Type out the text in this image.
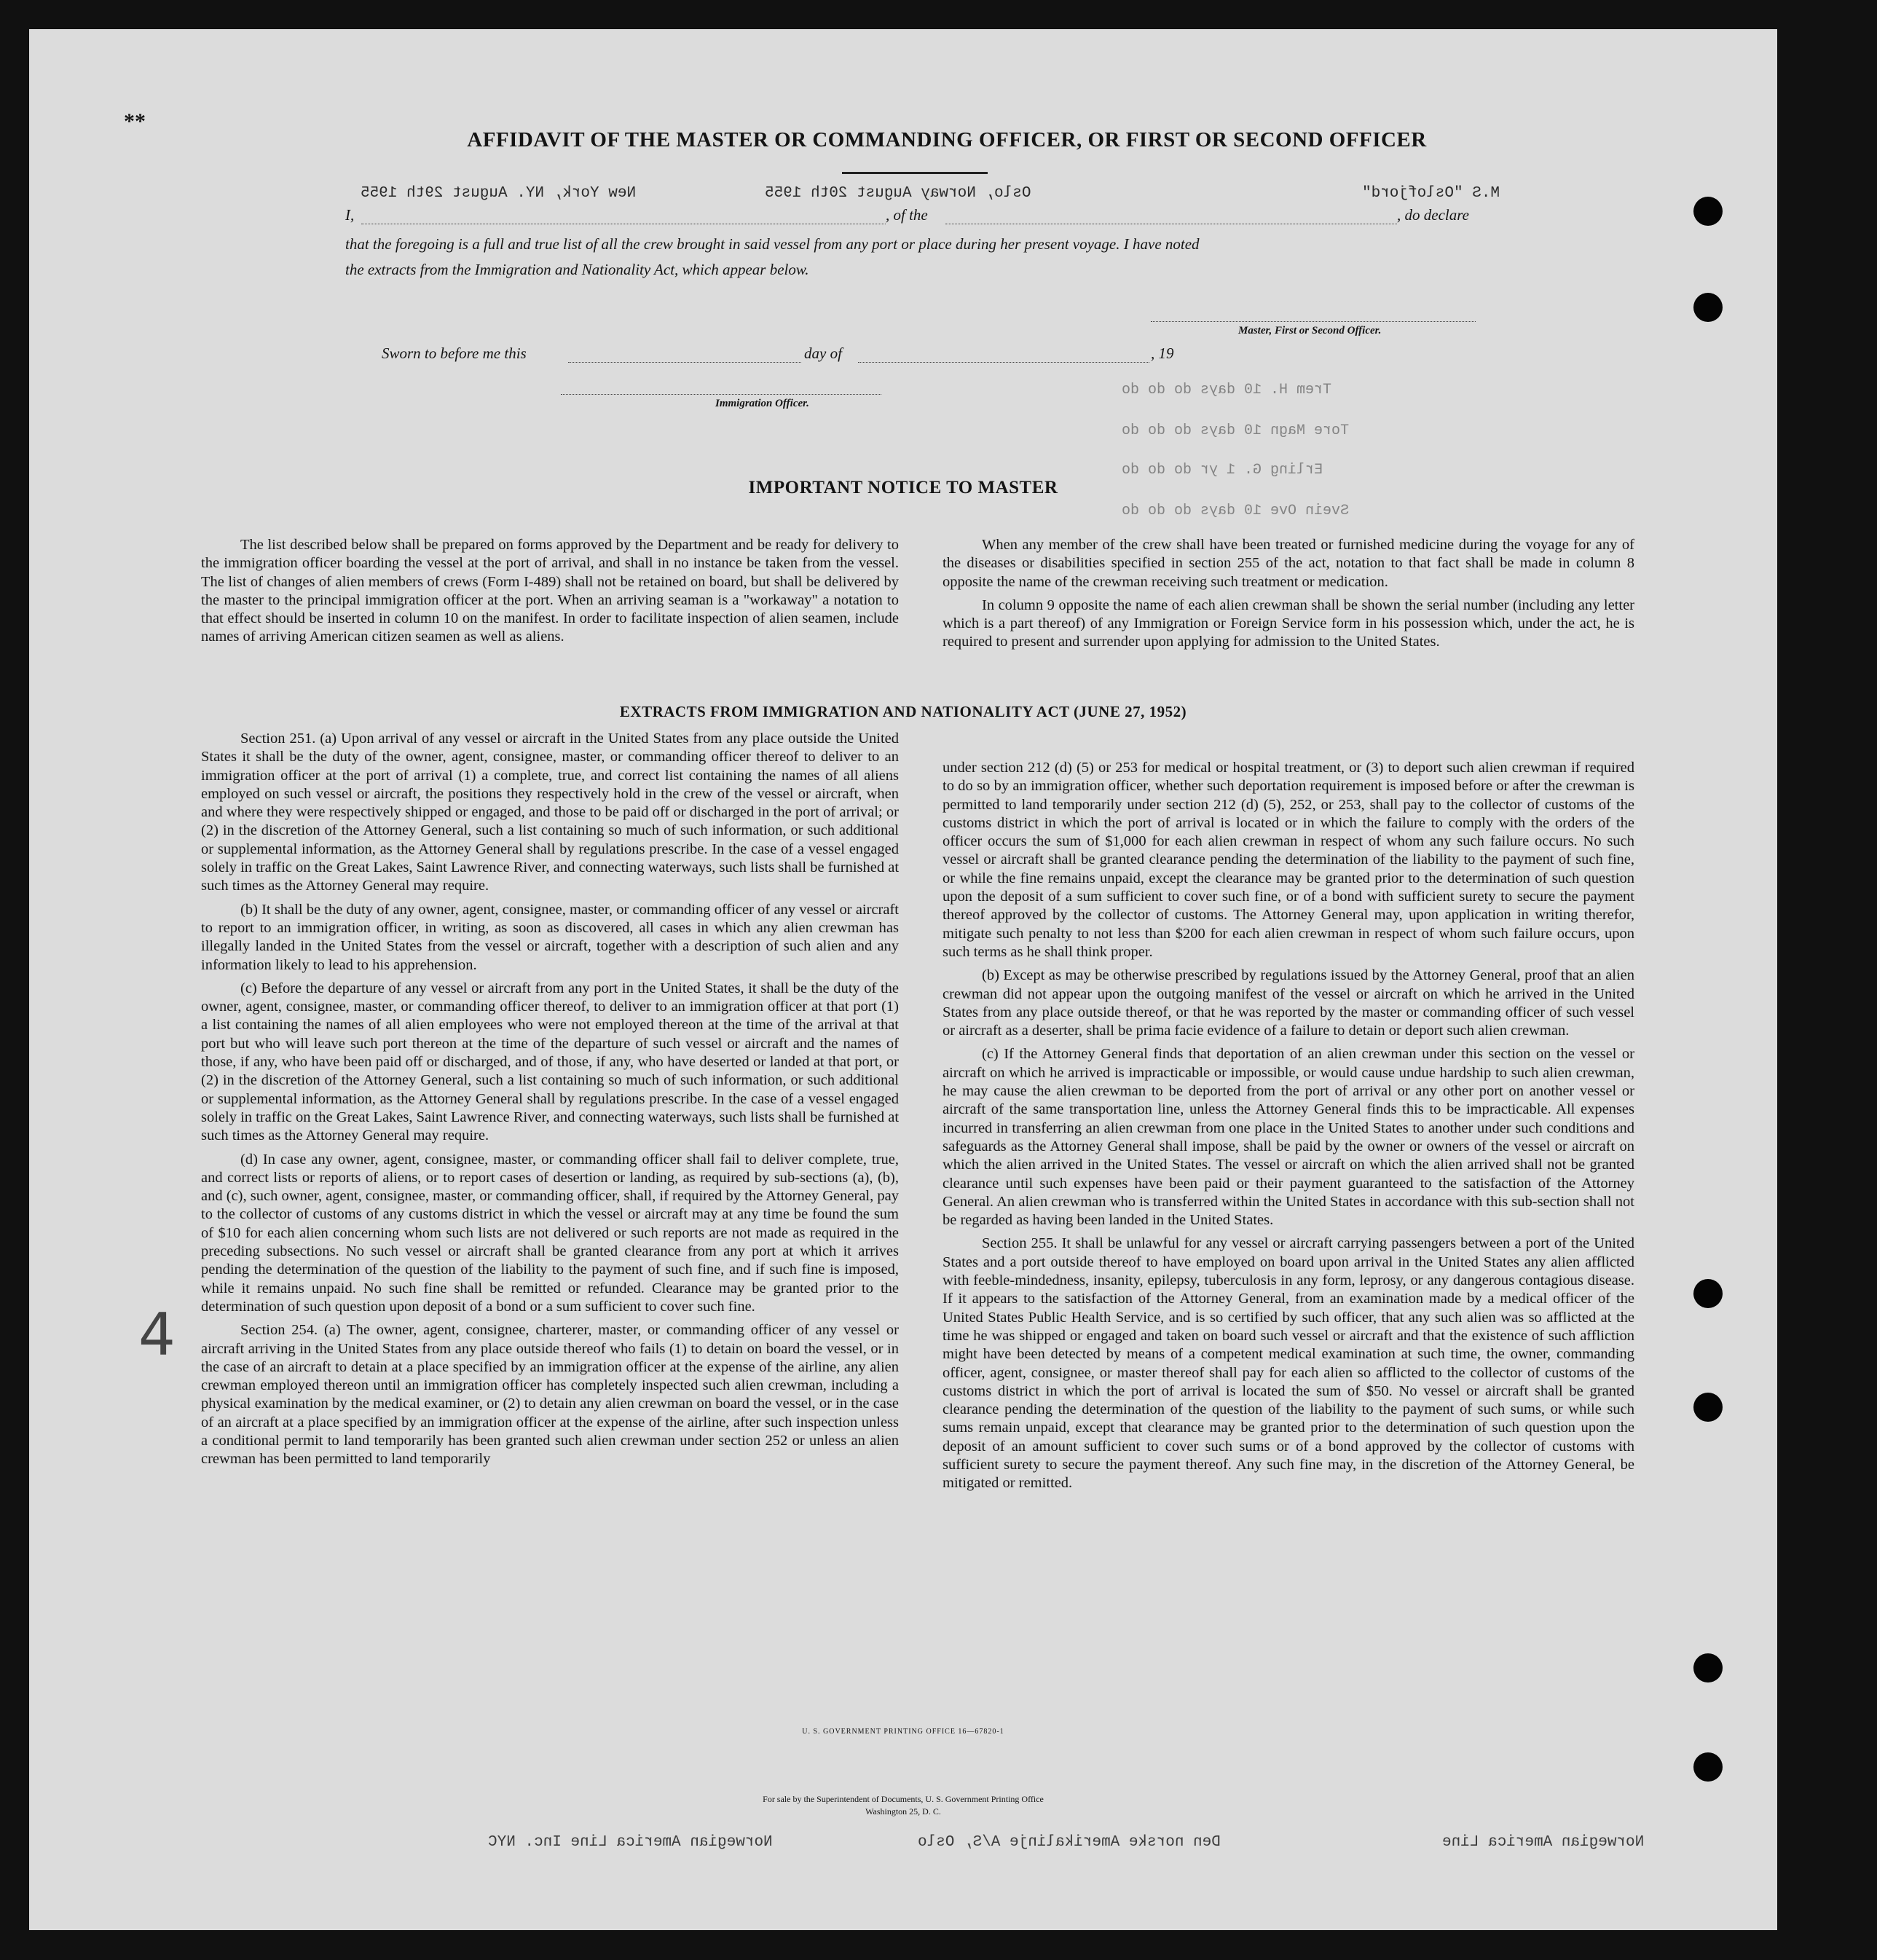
**
AFFIDAVIT OF THE MASTER OR COMMANDING OFFICER, OR FIRST OR SECOND OFFICER
M.S "Oslofjord"
Oslo, Norway August 20th 1955
New York, NY. August 29th 1955
I,	, of the	, do declare
that the foregoing is a full and true list of all the crew brought in said vessel from any port or place during her present voyage. I have noted
the extracts from the Immigration and Nationality Act, which appear below.
Master, First or Second Officer.
Sworn to before me this	day of	, 19
Immigration Officer.
Trem H. 10 days do do do
Tore Magn 10 days do do do
Erling G. 1 yr do do do
Svein Ove 10 days do do do
IMPORTANT NOTICE TO MASTER

The list described below shall be prepared on forms approved by the Department and be ready for delivery to the immigration officer boarding the vessel at the port of arrival, and shall in no instance be taken from the vessel. The list of changes of alien members of crews (Form I-489) shall not be retained on board, but shall be delivered by the master to the principal immigration officer at the port. When an arriving seaman is a "workaway" a notation to that effect should be inserted in column 10 on the manifest. In order to facilitate inspection of alien seamen, include names of arriving American citizen seamen as well as aliens.

When any member of the crew shall have been treated or furnished medicine during the voyage for any of the diseases or disabilities specified in section 255 of the act, notation to that fact shall be made in column 8 opposite the name of the crewman receiving such treatment or medication.

In column 9 opposite the name of each alien crewman shall be shown the serial number (including any letter which is a part thereof) of any Immigration or Foreign Service form in his possession which, under the act, he is required to present and surrender upon applying for admission to the United States.

EXTRACTS FROM IMMIGRATION AND NATIONALITY ACT (JUNE 27, 1952)

Section 251. (a) Upon arrival of any vessel or aircraft in the United States from any place outside the United States it shall be the duty of the owner, agent, consignee, master, or commanding officer thereof to deliver to an immigration officer at the port of arrival (1) a complete, true, and correct list containing the names of all aliens employed on such vessel or aircraft, the positions they respectively hold in the crew of the vessel or aircraft, when and where they were respectively shipped or engaged, and those to be paid off or discharged in the port of arrival; or (2) in the discretion of the Attorney General, such a list containing so much of such information, or such additional or supplemental information, as the Attorney General shall by regulations prescribe. In the case of a vessel engaged solely in traffic on the Great Lakes, Saint Lawrence River, and connecting waterways, such lists shall be furnished at such times as the Attorney General may require.

(b) It shall be the duty of any owner, agent, consignee, master, or commanding officer of any vessel or aircraft to report to an immigration officer, in writing, as soon as discovered, all cases in which any alien crewman has illegally landed in the United States from the vessel or aircraft, together with a description of such alien and any information likely to lead to his apprehension.

(c) Before the departure of any vessel or aircraft from any port in the United States, it shall be the duty of the owner, agent, consignee, master, or commanding officer thereof, to deliver to an immigration officer at that port (1) a list containing the names of all alien employees who were not employed thereon at the time of the arrival at that port but who will leave such port thereon at the time of the departure of such vessel or aircraft and the names of those, if any, who have been paid off or discharged, and of those, if any, who have deserted or landed at that port, or (2) in the discretion of the Attorney General, such a list containing so much of such information, or such additional or supplemental information, as the Attorney General shall by regulations prescribe. In the case of a vessel engaged solely in traffic on the Great Lakes, Saint Lawrence River, and connecting waterways, such lists shall be furnished at such times as the Attorney General may require.

(d) In case any owner, agent, consignee, master, or commanding officer shall fail to deliver complete, true, and correct lists or reports of aliens, or to report cases of desertion or landing, as required by sub-sections (a), (b), and (c), such owner, agent, consignee, master, or commanding officer, shall, if required by the Attorney General, pay to the collector of customs of any customs district in which the vessel or aircraft may at any time be found the sum of $10 for each alien concerning whom such lists are not delivered or such reports are not made as required in the preceding subsections. No such vessel or aircraft shall be granted clearance from any port at which it arrives pending the determination of the question of the liability to the payment of such fine, and if such fine is imposed, while it remains unpaid. No such fine shall be remitted or refunded. Clearance may be granted prior to the determination of such question upon deposit of a bond or a sum sufficient to cover such fine.

Section 254. (a) The owner, agent, consignee, charterer, master, or commanding officer of any vessel or aircraft arriving in the United States from any place outside thereof who fails (1) to detain on board the vessel, or in the case of an aircraft to detain at a place specified by an immigration officer at the expense of the airline, any alien crewman employed thereon until an immigration officer has completely inspected such alien crewman, including a physical examination by the medical examiner, or (2) to detain any alien crewman on board the vessel, or in the case of an aircraft at a place specified by an immigration officer at the expense of the airline, after such inspection unless a conditional permit to land temporarily has been granted such alien crewman under section 252 or unless an alien crewman has been permitted to land temporarily

under section 212 (d) (5) or 253 for medical or hospital treatment, or (3) to deport such alien crewman if required to do so by an immigration officer, whether such deportation requirement is imposed before or after the crewman is permitted to land temporarily under section 212 (d) (5), 252, or 253, shall pay to the collector of customs of the customs district in which the port of arrival is located or in which the failure to comply with the orders of the officer occurs the sum of $1,000 for each alien crewman in respect of whom any such failure occurs. No such vessel or aircraft shall be granted clearance pending the determination of the liability to the payment of such fine, or while the fine remains unpaid, except the clearance may be granted prior to the determination of such question upon the deposit of a sum sufficient to cover such fine, or of a bond with sufficient surety to secure the payment thereof approved by the collector of customs. The Attorney General may, upon application in writing therefor, mitigate such penalty to not less than $200 for each alien crewman in respect of whom such failure occurs, upon such terms as he shall think proper.

(b) Except as may be otherwise prescribed by regulations issued by the Attorney General, proof that an alien crewman did not appear upon the outgoing manifest of the vessel or aircraft on which he arrived in the United States from any place outside thereof, or that he was reported by the master or commanding officer of such vessel or aircraft as a deserter, shall be prima facie evidence of a failure to detain or deport such alien crewman.

(c) If the Attorney General finds that deportation of an alien crewman under this section on the vessel or aircraft on which he arrived is impracticable or impossible, or would cause undue hardship to such alien crewman, he may cause the alien crewman to be deported from the port of arrival or any other port on another vessel or aircraft of the same transportation line, unless the Attorney General finds this to be impracticable. All expenses incurred in transferring an alien crewman from one place in the United States to another under such conditions and safeguards as the Attorney General shall impose, shall be paid by the owner or owners of the vessel or aircraft on which the alien arrived in the United States. The vessel or aircraft on which the alien arrived shall not be granted clearance until such expenses have been paid or their payment guaranteed to the satisfaction of the Attorney General. An alien crewman who is transferred within the United States in accordance with this sub-section shall not be regarded as having been landed in the United States.

Section 255. It shall be unlawful for any vessel or aircraft carrying passengers between a port of the United States and a port outside thereof to have employed on board upon arrival in the United States any alien afflicted with feeble-mindedness, insanity, epilepsy, tuberculosis in any form, leprosy, or any dangerous contagious disease. If it appears to the satisfaction of the Attorney General, from an examination made by a medical officer of the United States Public Health Service, and is so certified by such officer, that any such alien was so afflicted at the time he was shipped or engaged and taken on board such vessel or aircraft and that the existence of such affliction might have been detected by means of a competent medical examination at such time, the owner, commanding officer, agent, consignee, or master thereof shall pay for each alien so afflicted to the collector of customs of the customs district in which the port of arrival is located the sum of $50. No vessel or aircraft shall be granted clearance pending the determination of the question of the liability to the payment of such sums, or while such sums remain unpaid, except that clearance may be granted prior to the determination of such question upon the deposit of an amount sufficient to cover such sums or of a bond approved by the collector of customs with sufficient surety to secure the payment thereof. Any such fine may, in the discretion of the Attorney General, be mitigated or remitted.

4
U. S. GOVERNMENT PRINTING OFFICE 16—67820-1
For sale by the Superintendent of Documents, U. S. Government Printing Office
Washington 25, D. C.
Norwegian America Line Inc. NYC	Den norske Amerikalinje A/S, Oslo	Norwegian America Line
